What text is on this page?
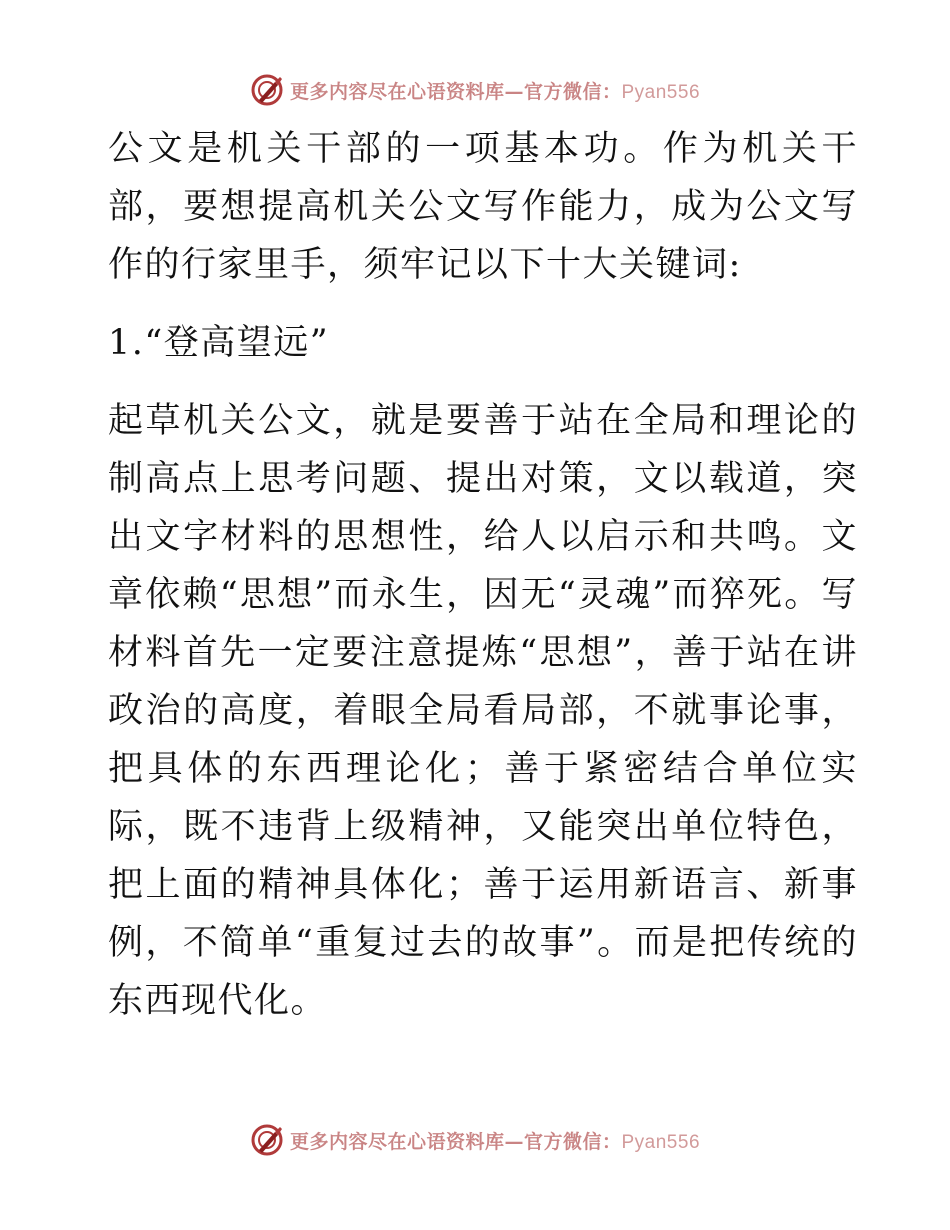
更多内容尽在心语资料库—官方微信：Pyan556

公文是机关干部的一项基本功。作为机关干部，要想提高机关公文写作能力，成为公文写作的行家里手，须牢记以下十大关键词:

1.“登高望远”

起草机关公文，就是要善于站在全局和理论的制高点上思考问题、提出对策，文以载道，突出文字材料的思想性，给人以启示和共鸣。文章依赖“思想”而永生，因无“灵魂”而猝死。写材料首先一定要注意提炼“思想”，善于站在讲政治的高度，着眼全局看局部，不就事论事，把具体的东西理论化；善于紧密结合单位实际，既不违背上级精神，又能突出单位特色，把上面的精神具体化；善于运用新语言、新事例，不简单“重复过去的故事”。而是把传统的东西现代化。

更多内容尽在心语资料库—官方微信：Pyan556
